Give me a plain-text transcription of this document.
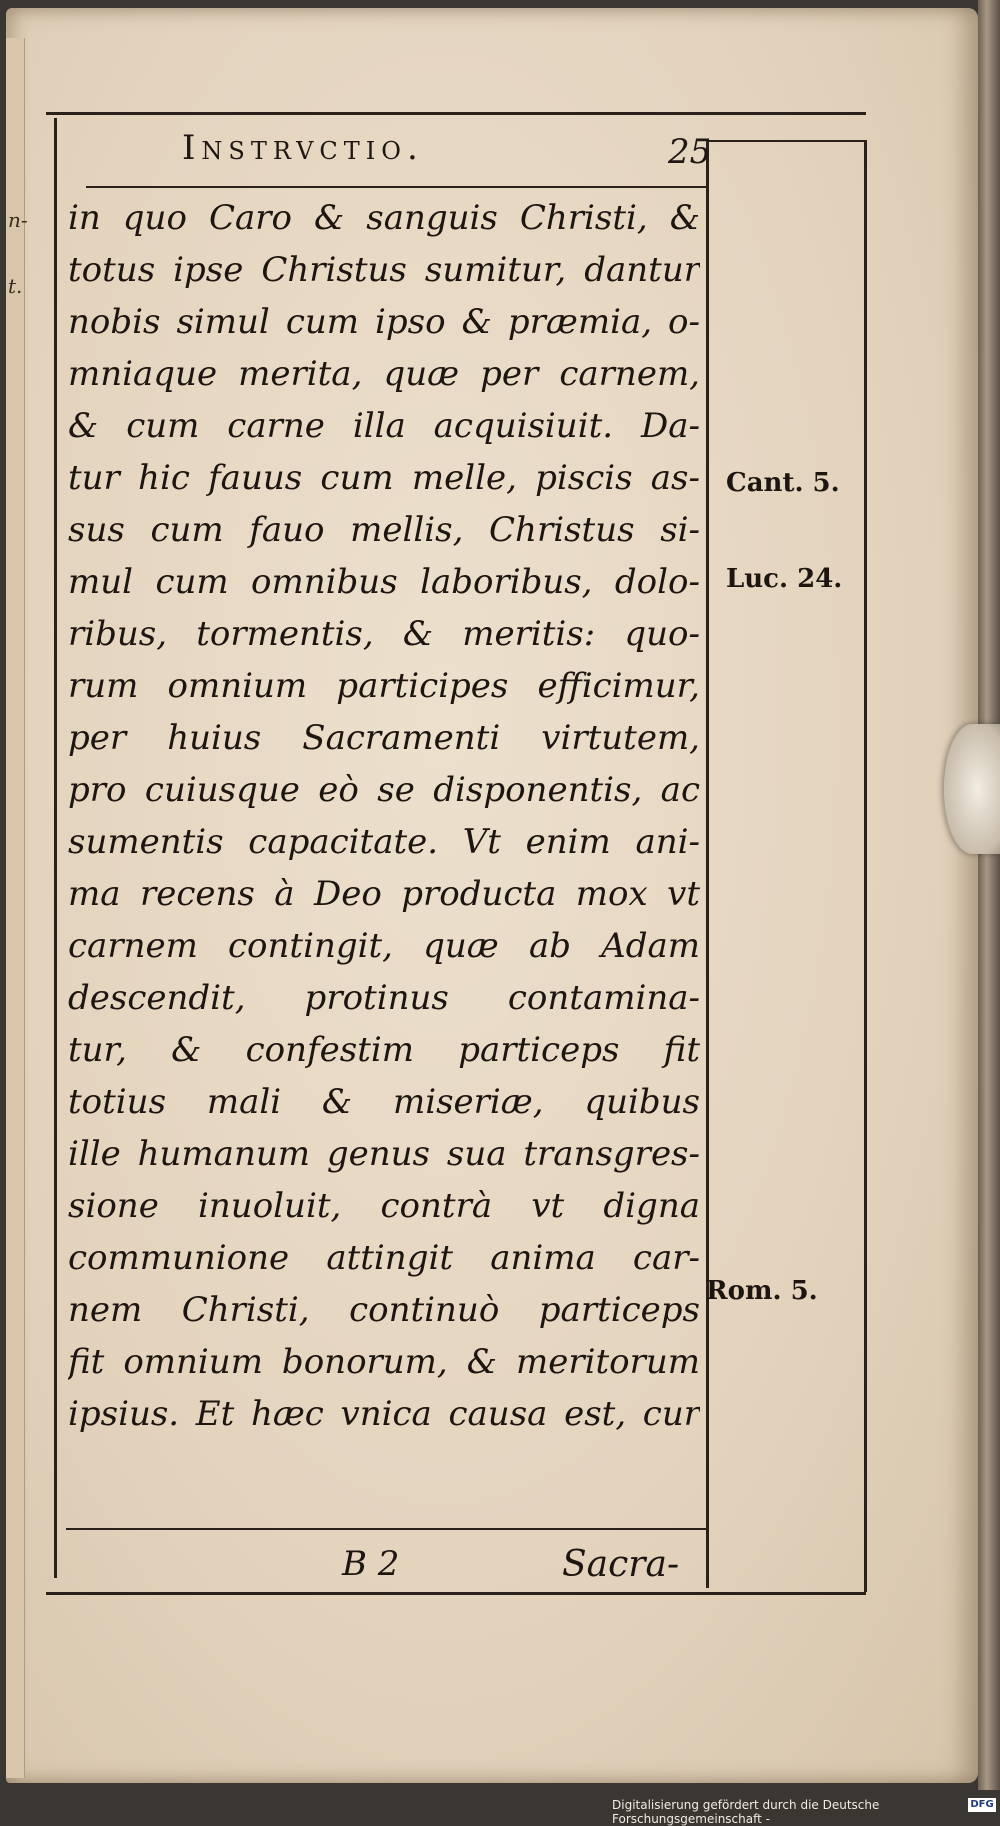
n-
t.
Instrvctio.	25
in quo Caro & sanguis Christi, &
totus ipse Christus sumitur, dantur
nobis simul cum ipso & præmia, o-
mniaque merita, quæ per carnem,
& cum carne illa acquisiuit. Da-
tur hic fauus cum melle, piscis as-
sus cum fauo mellis, Christus si-
mul cum omnibus laboribus, dolo-
ribus, tormentis, & meritis: quo-
rum omnium participes efficimur,
per huius Sacramenti virtutem,
pro cuiusque eò se disponentis, ac
sumentis capacitate. Vt enim ani-
ma recens à Deo producta mox vt
carnem contingit, quæ ab Adam
descendit, protinus contamina-
tur, & confestim particeps fit
totius mali & miseriæ, quibus
ille humanum genus sua transgres-
sione inuoluit, contrà vt digna
communione attingit anima car-
nem Christi, continuò particeps
fit omnium bonorum, & meritorum
ipsius. Et hæc vnica causa est, cur
Cant. 5.
Luc. 24.
Rom. 5.
B 2	Sacra-
Digitalisierung gefördert durch die Deutsche Forschungsgemeinschaft -
DFG
